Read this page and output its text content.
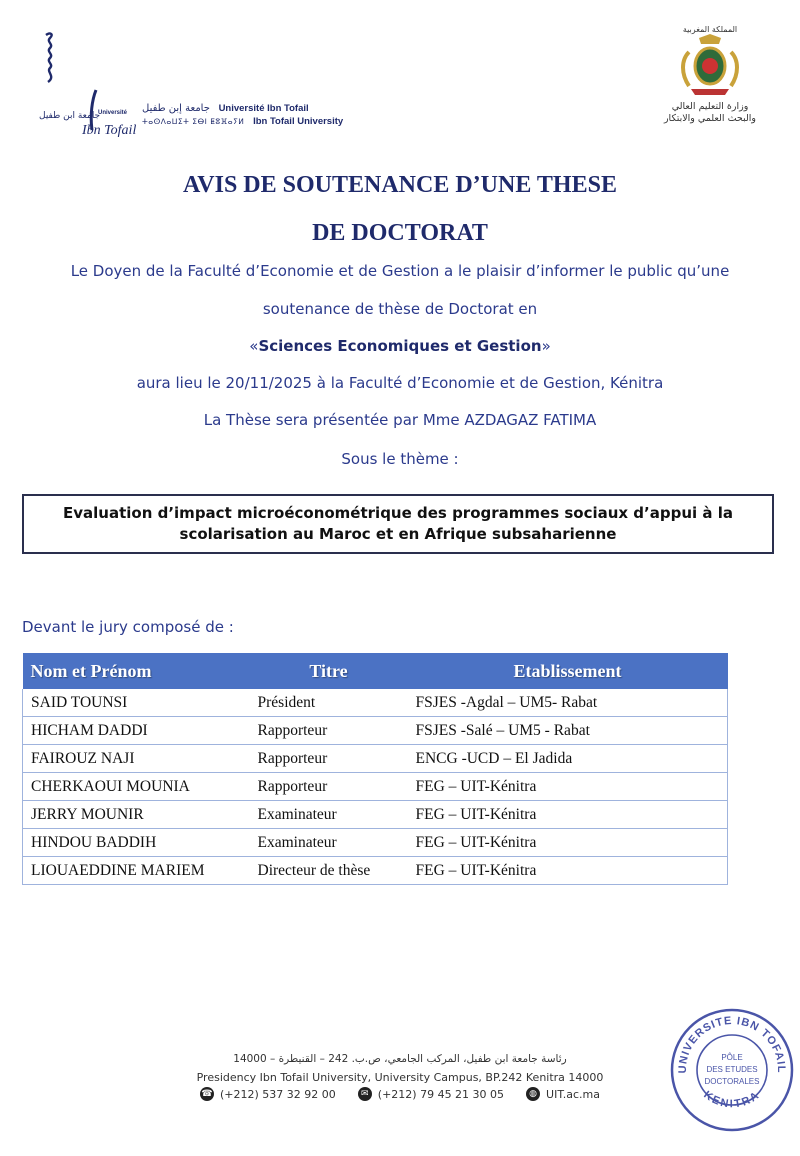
جامعة ابن طفيل
Université
Ibn Tofail
جامعة إبن طفيل Université Ibn Tofail
ⵜⴰⵙⴷⴰⵡⵉⵜ ⵉⴱⵏ ⵟⵓⴼⴰⵢⵍ Ibn Tofail University
المملكة المغربية
وزارة التعليم العالي
والبحث العلمي والابتكار
AVIS DE SOUTENANCE D’UNE THESE
DE DOCTORAT
Le Doyen de la Faculté d’Economie et de Gestion a le plaisir d’informer le public qu’une
soutenance de thèse de Doctorat en
«Sciences Economiques et Gestion»
aura lieu le 20/11/2025 à la Faculté d’Economie et de Gestion, Kénitra
La Thèse sera présentée par Mme AZDAGAZ FATIMA
Sous le thème :
Evaluation d’impact microéconométrique des programmes sociaux d’appui à la scolarisation au Maroc et en Afrique subsaharienne
Devant le jury composé de :
Nom et Prénom	Titre	Etablissement
SAID TOUNSI	Président	FSJES -Agdal – UM5- Rabat
HICHAM DADDI	Rapporteur	FSJES -Salé – UM5 - Rabat
FAIROUZ NAJI	Rapporteur	ENCG -UCD – El Jadida
CHERKAOUI MOUNIA	Rapporteur	FEG – UIT-Kénitra
JERRY MOUNIR	Examinateur	FEG – UIT-Kénitra
HINDOU BADDIH	Examinateur	FEG – UIT-Kénitra
LIOUAEDDINE MARIEM	Directeur de thèse	FEG – UIT-Kénitra
رئاسة جامعة ابن طفيل، المركب الجامعي، ص.ب. 242 – القنيطرة – 14000
Presidency Ibn Tofail University, University Campus, BP.242 Kenitra 14000
☎ (+212) 537 32 92 00	✉ (+212) 79 45 21 30 05	◍ UIT.ac.ma
UNIVERSITE IBN TOFAIL
KENITRA
PÔLE
DES ETUDES
DOCTORALES
